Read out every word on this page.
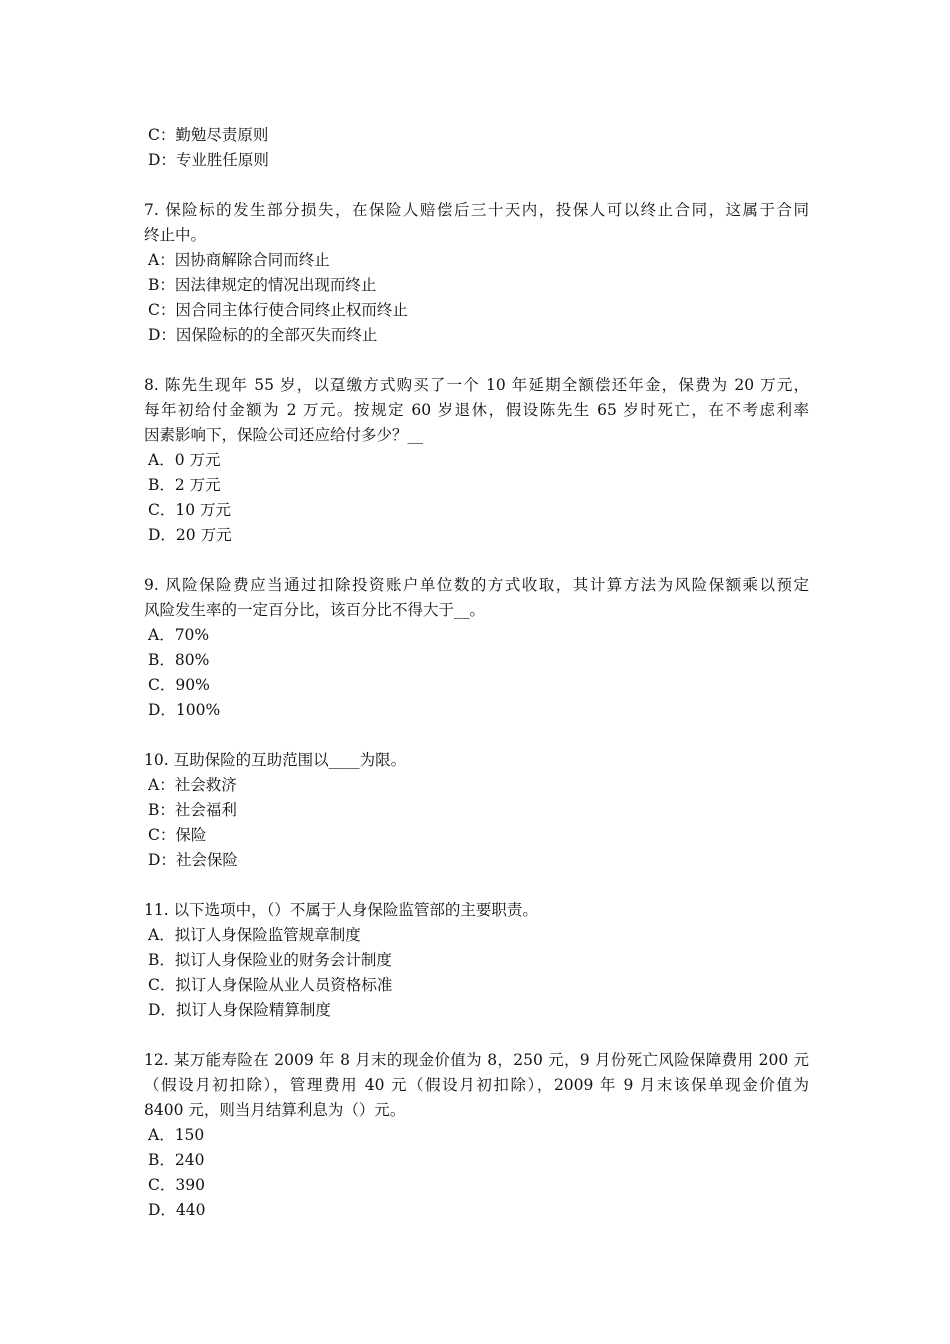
C：勤勉尽责原则
D：专业胜任原则
7. 保险标的发生部分损失，在保险人赔偿后三十天内，投保人可以终止合同，这属于合同
终止中。
A：因协商解除合同而终止
B：因法律规定的情况出现而终止
C：因合同主体行使合同终止权而终止
D：因保险标的的全部灭失而终止
8. 陈先生现年 55 岁，以趸缴方式购买了一个 10 年延期全额偿还年金，保费为 20 万元，
每年初给付金额为 2 万元。按规定 60 岁退休，假设陈先生 65 岁时死亡，在不考虑利率
因素影响下，保险公司还应给付多少？__
A．0 万元
B．2 万元
C．10 万元
D．20 万元
9. 风险保险费应当通过扣除投资账户单位数的方式收取，其计算方法为风险保额乘以预定
风险发生率的一定百分比，该百分比不得大于__。
A．70%
B．80%
C．90%
D．100%
10. 互助保险的互助范围以____为限。
A：社会救济
B：社会福利
C：保险
D：社会保险
11. 以下选项中，（）不属于人身保险监管部的主要职责。
A．拟订人身保险监管规章制度
B．拟订人身保险业的财务会计制度
C．拟订人身保险从业人员资格标准
D．拟订人身保险精算制度
12. 某万能寿险在 2009 年 8 月末的现金价值为 8，250 元，9 月份死亡风险保障费用 200 元
（假设月初扣除），管理费用 40 元（假设月初扣除），2009 年 9 月末该保单现金价值为
8400 元，则当月结算利息为（）元。
A．150
B．240
C．390
D．440
